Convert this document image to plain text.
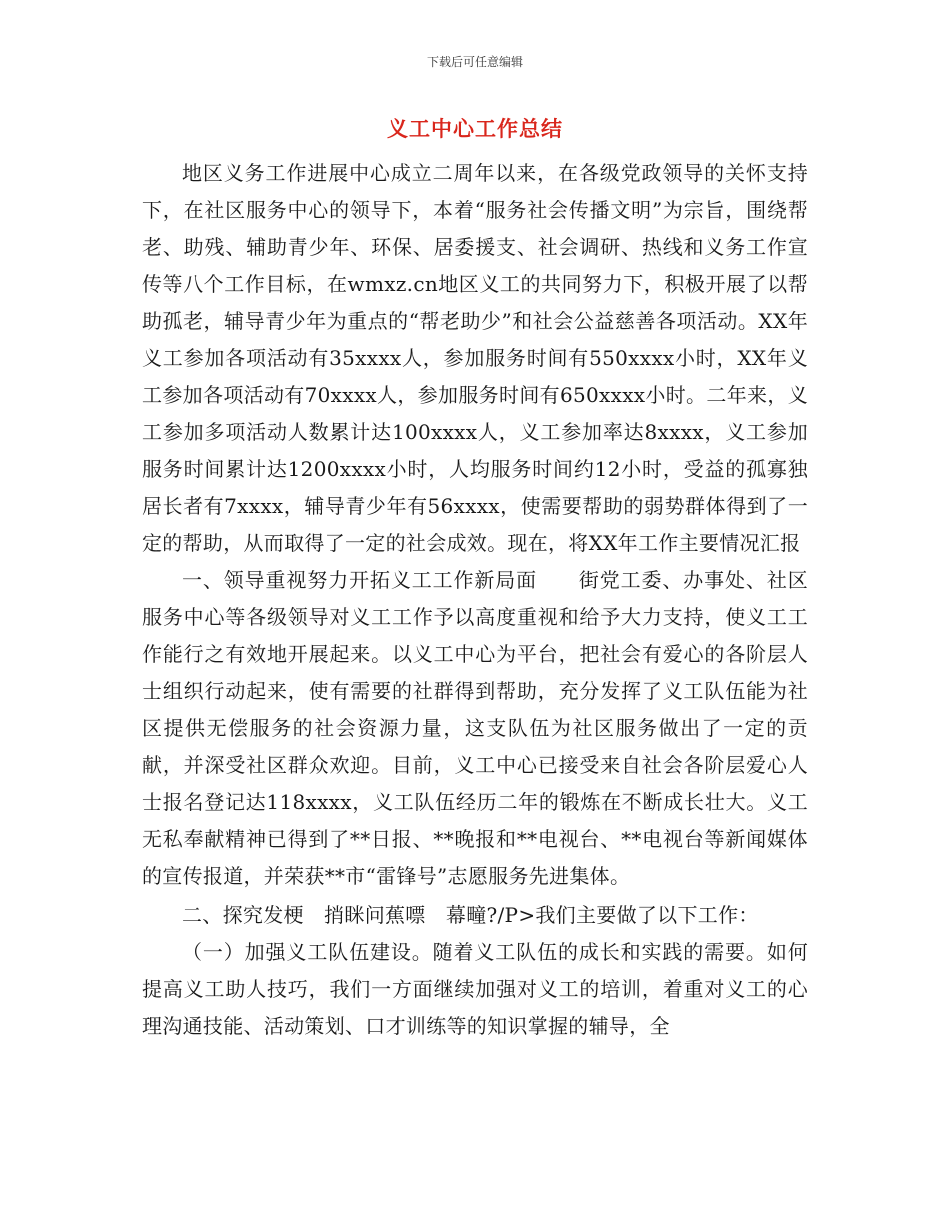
下载后可任意编辑
义工中心工作总结

地区义务工作进展中心成立二周年以来，在各级党政领导的关怀支持下，在社区服务中心的领导下，本着“服务社会传播文明”为宗旨，围绕帮老、助残、辅助青少年、环保、居委援支、社会调研、热线和义务工作宣传等八个工作目标，在wmxz.cn地区义工的共同努力下，积极开展了以帮助孤老，辅导青少年为重点的“帮老助少”和社会公益慈善各项活动。XX年义工参加各项活动有35xxxx人，参加服务时间有550xxxx小时，XX年义工参加各项活动有70xxxx人，参加服务时间有650xxxx小时。二年来，义工参加多项活动人数累计达100xxxx人，义工参加率达8xxxx，义工参加服务时间累计达1200xxxx小时，人均服务时间约12小时，受益的孤寡独居长者有7xxxx，辅导青少年有56xxxx，使需要帮助的弱势群体得到了一定的帮助，从而取得了一定的社会成效。现在，将XX年工作主要情况汇报

一、领导重视努力开拓义工工作新局面　　街党工委、办事处、社区服务中心等各级领导对义工工作予以高度重视和给予大力支持，使义工工作能行之有效地开展起来。以义工中心为平台，把社会有爱心的各阶层人士组织行动起来，使有需要的社群得到帮助，充分发挥了义工队伍能为社区提供无偿服务的社会资源力量，这支队伍为社区服务做出了一定的贡献，并深受社区群众欢迎。目前，义工中心已接受来自社会各阶层爱心人士报名登记达118xxxx，义工队伍经历二年的锻炼在不断成长壮大。义工无私奉献精神已得到了**日报、**晚报和**电视台、**电视台等新闻媒体的宣传报道，并荣获**市“雷锋号”志愿服务先进集体。

二、探究发梗　捎眯问蕉嘌　幕疃?/P>我们主要做了以下工作：

（一）加强义工队伍建设。随着义工队伍的成长和实践的需要。如何提高义工助人技巧，我们一方面继续加强对义工的培训，着重对义工的心理沟通技能、活动策划、口才训练等的知识掌握的辅导，全
